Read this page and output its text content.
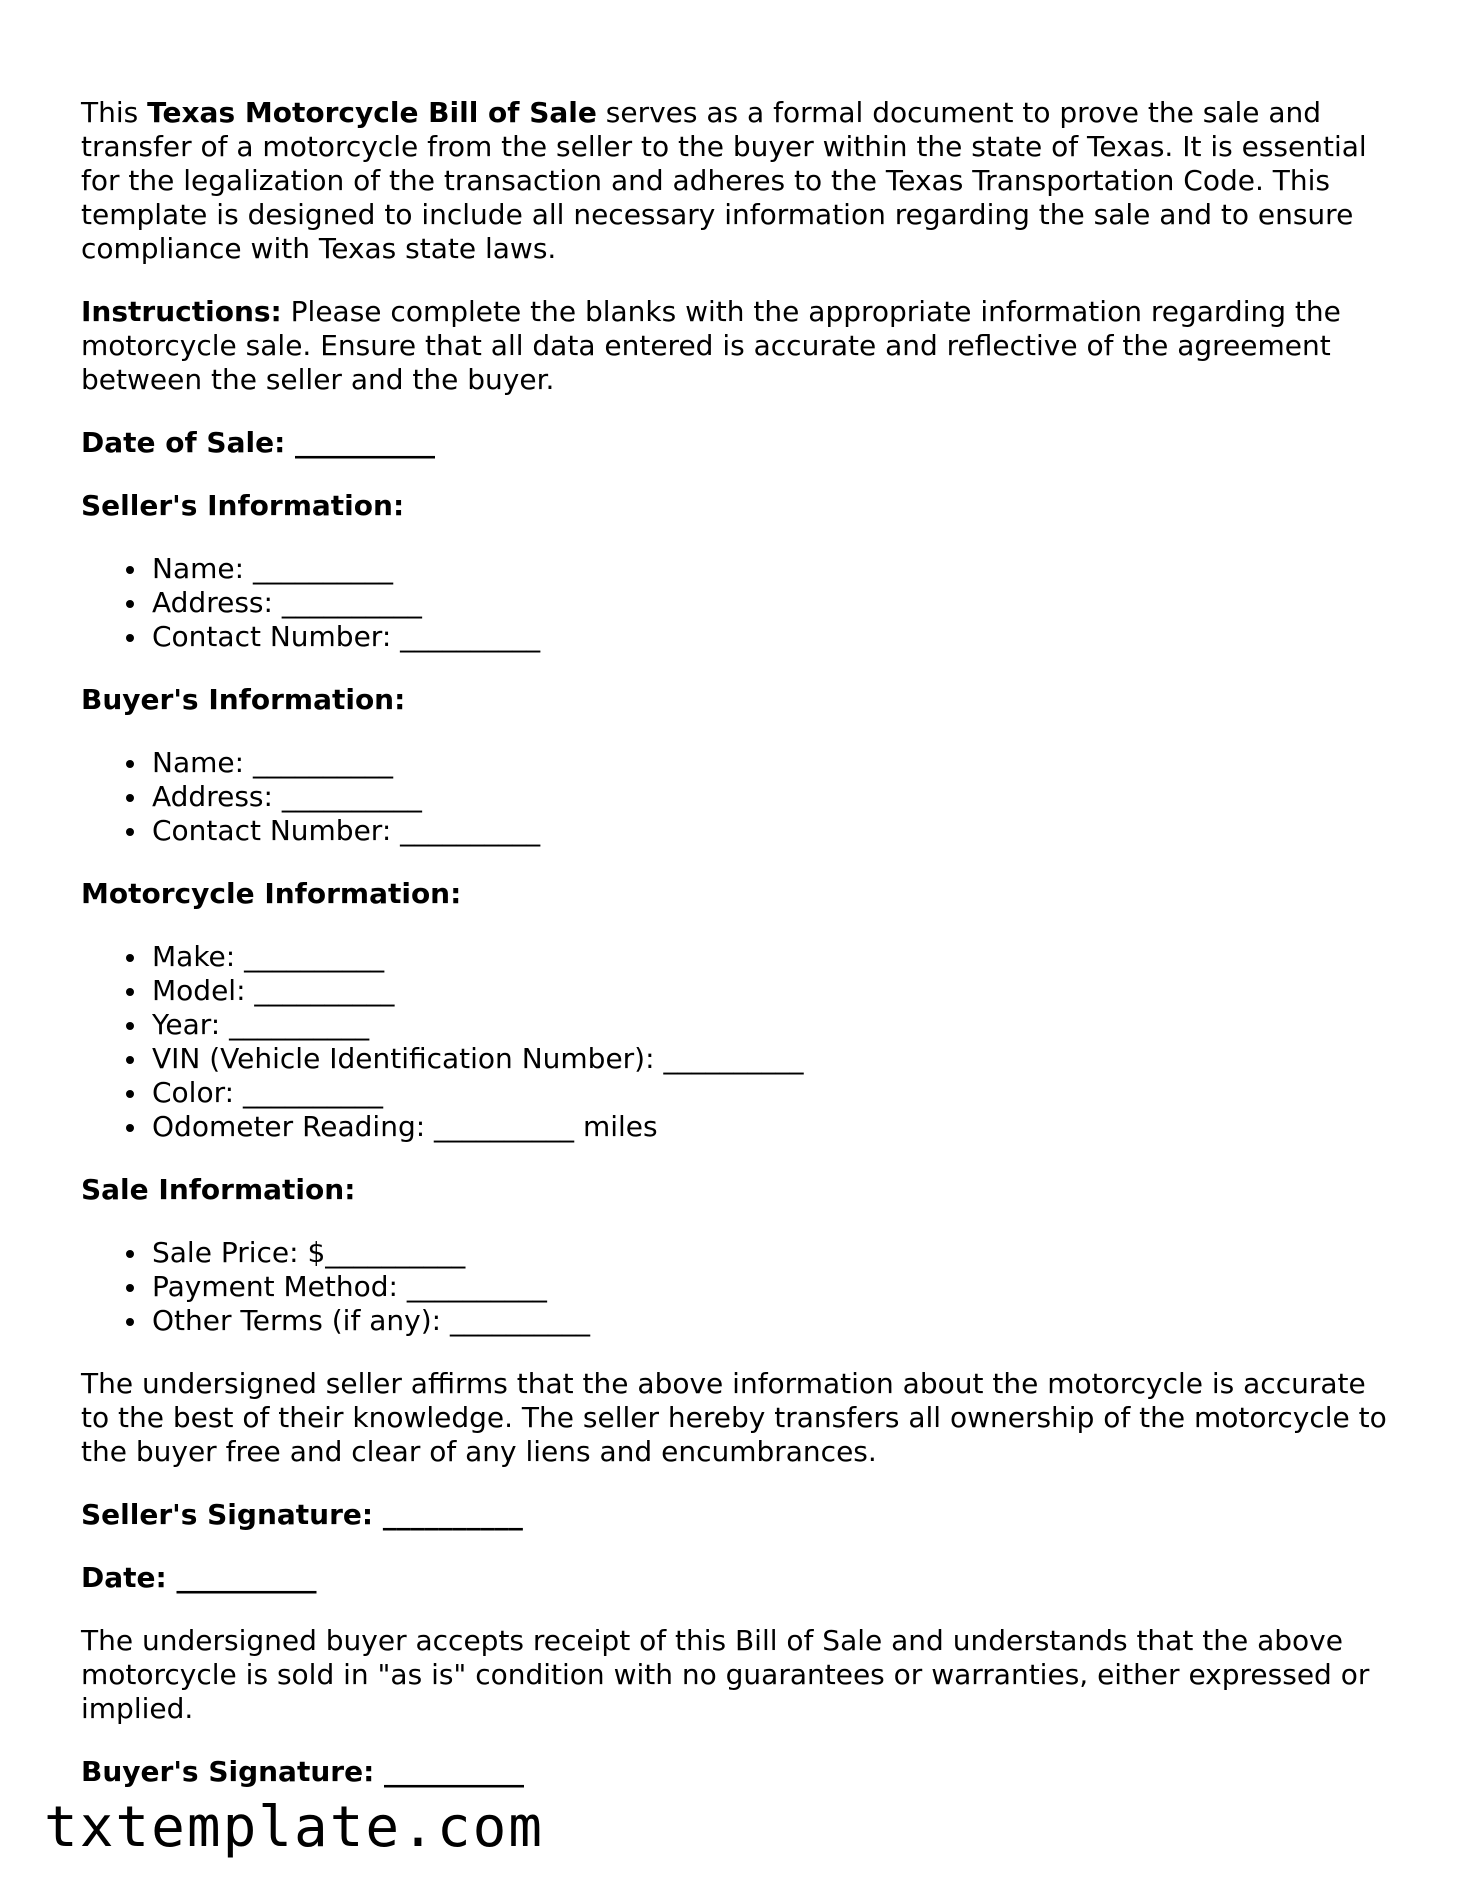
This Texas Motorcycle Bill of Sale serves as a formal document to prove the sale and transfer of a motorcycle from the seller to the buyer within the state of Texas. It is essential for the legalization of the transaction and adheres to the Texas Transportation Code. This template is designed to include all necessary information regarding the sale and to ensure compliance with Texas state laws.

Instructions: Please complete the blanks with the appropriate information regarding the motorcycle sale. Ensure that all data entered is accurate and reflective of the agreement between the seller and the buyer.

Date of Sale: __________

Seller's Information:

Name: __________
Address: __________
Contact Number: __________

Buyer's Information:

Name: __________
Address: __________
Contact Number: __________

Motorcycle Information:

Make: __________
Model: __________
Year: __________
VIN (Vehicle Identification Number): __________
Color: __________
Odometer Reading: __________ miles

Sale Information:

Sale Price: $__________
Payment Method: __________
Other Terms (if any): __________

The undersigned seller affirms that the above information about the motorcycle is accurate to the best of their knowledge. The seller hereby transfers all ownership of the motorcycle to the buyer free and clear of any liens and encumbrances.

Seller's Signature: __________

Date: __________

The undersigned buyer accepts receipt of this Bill of Sale and understands that the above motorcycle is sold in "as is" condition with no guarantees or warranties, either expressed or implied.

Buyer's Signature: __________

txtemplate.com
